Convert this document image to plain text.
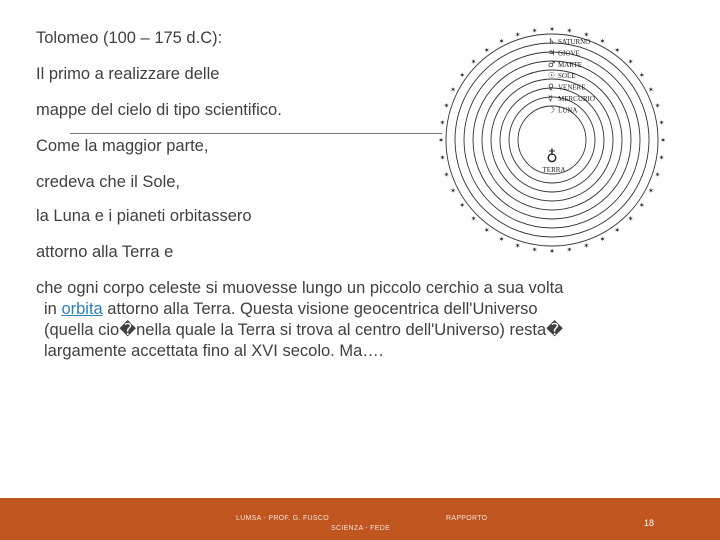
Tolomeo (100 – 175 d.C):
Il primo a realizzare delle
mappe del cielo di tipo scientifico.
Come la maggior parte,
credeva che il Sole,
la Luna e i pianeti orbitassero
attorno alla Terra e
che ogni corpo celeste si muovesse lungo un piccolo cerchio a sua volta
in orbita attorno alla Terra. Questa visione geocentrica dell'Universo
(quella cio�nella quale la Terra si trova al centro dell'Universo) resta�
largamente accettata fino al XVI secolo. Ma….
✶
✶
✶
✶
✶
✶
✶
✶
✶
✶
✶
✶
✶
✶
✶
✶
✶
✶
✶
✶
✶
✶
✶
✶
✶
✶
✶
✶
✶
✶ ✶ ✶
✶
✶
✶
✶
✶
✶
✶
✶
♄ SATURNO
♃ GIOVE
♂ MARTE
☉ SOLE
♀ VENERE
☿ MERCURIO
☽ LUNA
♁
TERRA
LUMSA - PROF. G. FUSCO
SCIENZA - FEDE
RAPPORTO	18
